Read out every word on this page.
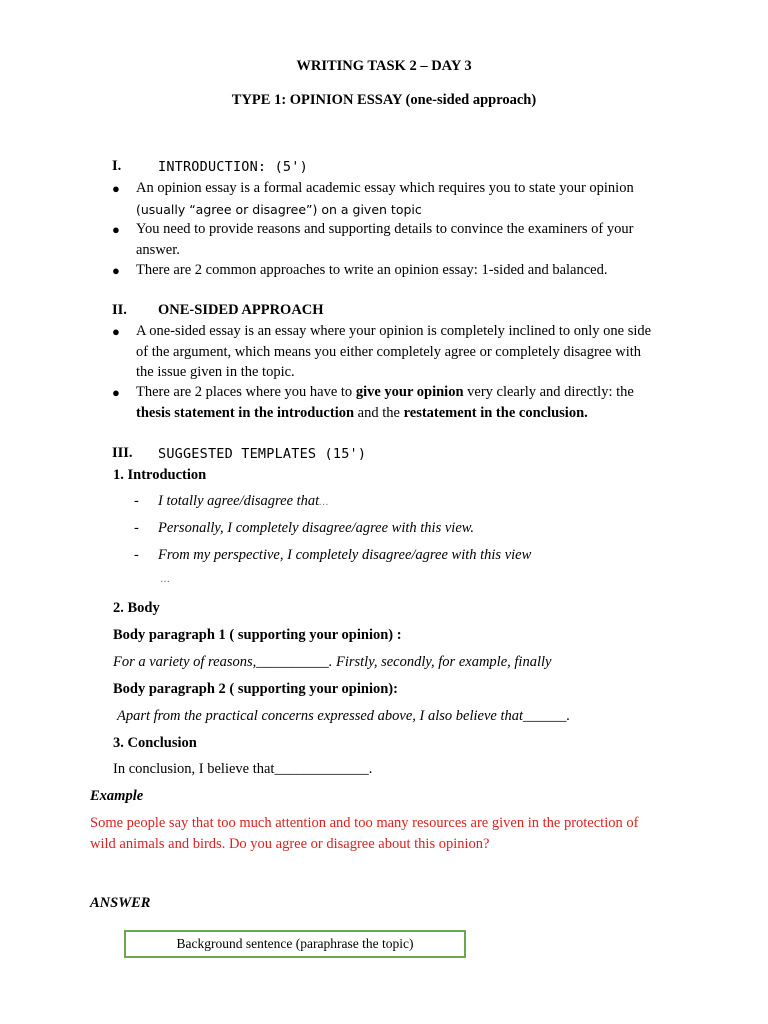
WRITING TASK 2 – DAY 3
TYPE 1: OPINION ESSAY (one-sided approach)
I.	INTRODUCTION: (5')
● An opinion essay is a formal academic essay which requires you to state your opinion
(usually “agree or disagree”) on a given topic
● You need to provide reasons and supporting details to convince the examiners of your
answer.
● There are 2 common approaches to write an opinion essay: 1-sided and balanced.
II. ONE-SIDED APPROACH
● A one-sided essay is an essay where your opinion is completely inclined to only one side
of the argument, which means you either completely agree or completely disagree with
the issue given in the topic.
● There are 2 places where you have to give your opinion very clearly and directly: the
thesis statement in the introduction and the restatement in the conclusion.
III. SUGGESTED TEMPLATES (15')
1. Introduction
- I totally agree/disagree that…
- Personally, I completely disagree/agree with this view.
- From my perspective, I completely disagree/agree with this view
…
2. Body
Body paragraph 1 ( supporting your opinion) :
For a variety of reasons,__________. Firstly, secondly, for example, finally
Body paragraph 2 ( supporting your opinion):
Apart from the practical concerns expressed above, I also believe that______.
3. Conclusion
In conclusion, I believe that_____________.
Example
Some people say that too much attention and too many resources are given in the protection of
wild animals and birds. Do you agree or disagree about this opinion?
ANSWER
Background sentence (paraphrase the topic)
